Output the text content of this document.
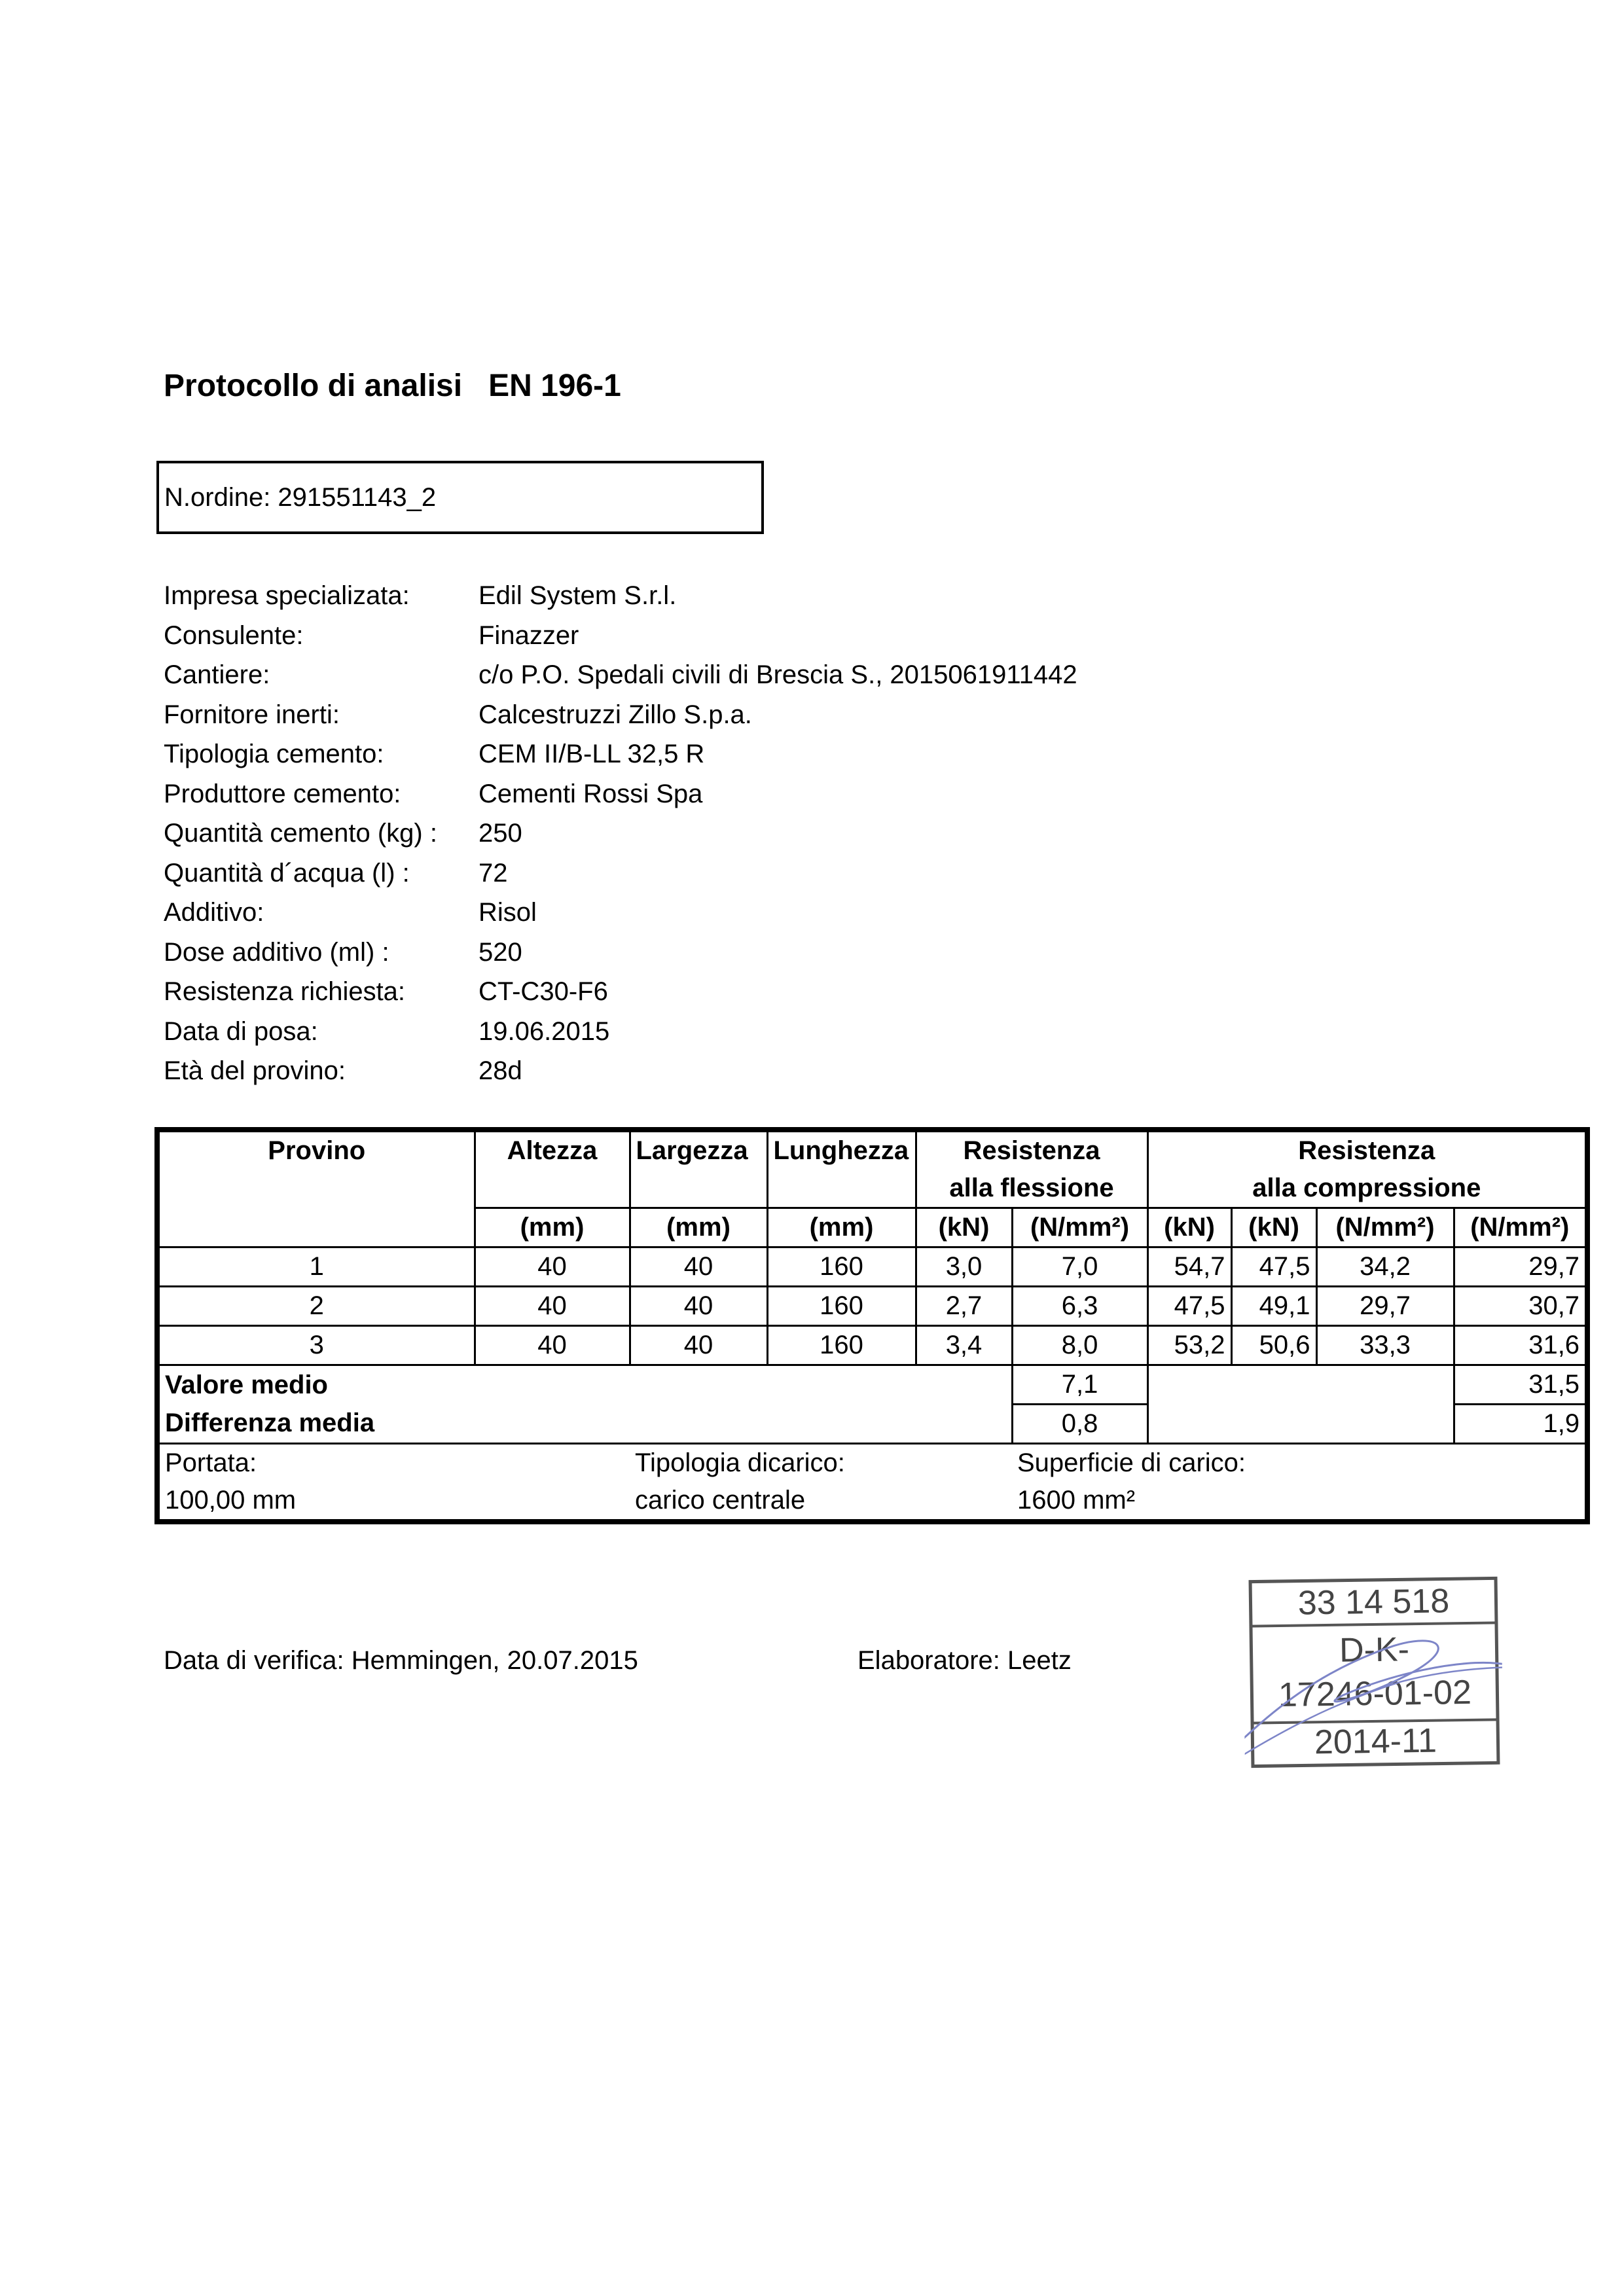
Protocollo di analisi   EN 196-1
N.ordine: 291551143_2
Impresa specializata:	Edil System S.r.l.
Consulente:	Finazzer
Cantiere:	c/o P.O. Spedali civili di Brescia S., 2015061911442
Fornitore inerti:	Calcestruzzi Zillo S.p.a.
Tipologia cemento:	CEM II/B-LL 32,5 R
Produttore cemento:	Cementi Rossi Spa
Quantità cemento (kg) : 250
Quantità d´acqua (l) :	72
Additivo:	Risol
Dose additivo (ml) :	520
Resistenza richiesta:	CT-C30-F6
Data di posa:	19.06.2015
Età del provino:	28d
Provino	Altezza	Largezza	Lunghezza	Resistenza		Resistenza			
				alla flessione		alla compressione			
	(mm)	(mm)	(mm)	(kN)	(N/mm²)	(kN)	(kN)	(N/mm²)	(N/mm²)
1	40	40	160	3,0	7,0	54,7	47,5	34,2	29,7
2	40	40	160	2,7	6,3	47,5	49,1	29,7	30,7
3	40	40	160	3,4	8,0	53,2	50,6	33,3	31,6
Valore medio					7,1				31,5
Differenza media					0,8				1,9
Portata:		Tipologia dicarico:			Superficie di carico:				
100,00 mm		carico centrale			1600 mm²				
Data di verifica: Hemmingen, 20.07.2015	Elaboratore: Leetz
33 14 518
D-K-
17246-01-02
2014-11
